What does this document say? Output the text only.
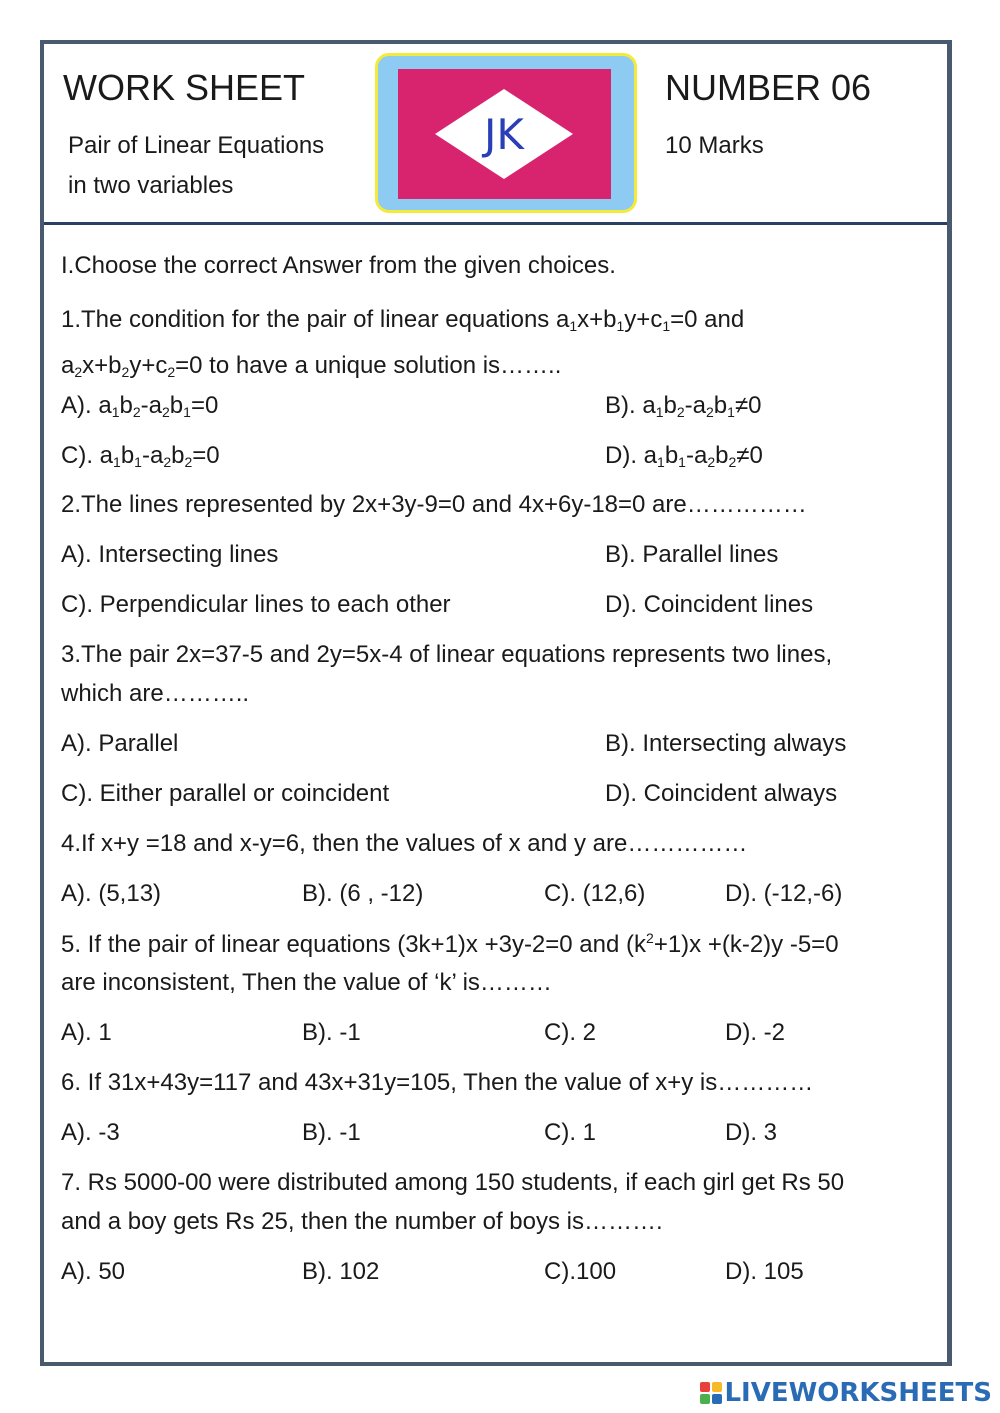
WORK SHEET
Pair of Linear Equations
in two variables
JK
NUMBER 06
10 Marks
I.Choose the correct Answer from the given choices.
1.The condition for the pair of linear equations $a_1x+b_1y+c_1=0$ and
$a_2x+b_2y+c_2=0$ to have a unique solution is……..
A). $a_1b_2-a_2b_1=0$	B). $a_1b_2-a_2b_1\ne 0$
C). $a_1b_1-a_2b_2=0$	D). $a_1b_1-a_2b_2\ne 0$
2.The lines represented by 2x+3y-9=0 and 4x+6y-18=0 are……………
A). Intersecting lines	B). Parallel lines
C). Perpendicular lines to each other	D). Coincident lines
3.The pair 2x=37-5 and 2y=5x-4 of linear equations represents two lines,
which are………..
A). Parallel	B). Intersecting always
C). Either parallel or coincident	D). Coincident always
4.If x+y =18 and x-y=6, then the values of x and y are……………
A). (5,13)	B). (6 , -12)	C). (12,6)	D). (-12,-6)
5. If the pair of linear equations (3k+1)x +3y-2=0 and $(k^2+1)x +(k-2)y$ -5=0
are inconsistent, Then the value of ‘k’ is………
A). 1	B). -1	C). 2	D). -2
6. If 31x+43y=117 and 43x+31y=105, Then the value of x+y is…………
A). -3	B). -1	C). 1	D). 3
7. Rs 5000-00 were distributed among 150 students, if each girl get Rs 50
and a boy gets Rs 25, then the number of boys is……….
A). 50	B). 102	C).100	D). 105
LIVEWORKSHEETS
